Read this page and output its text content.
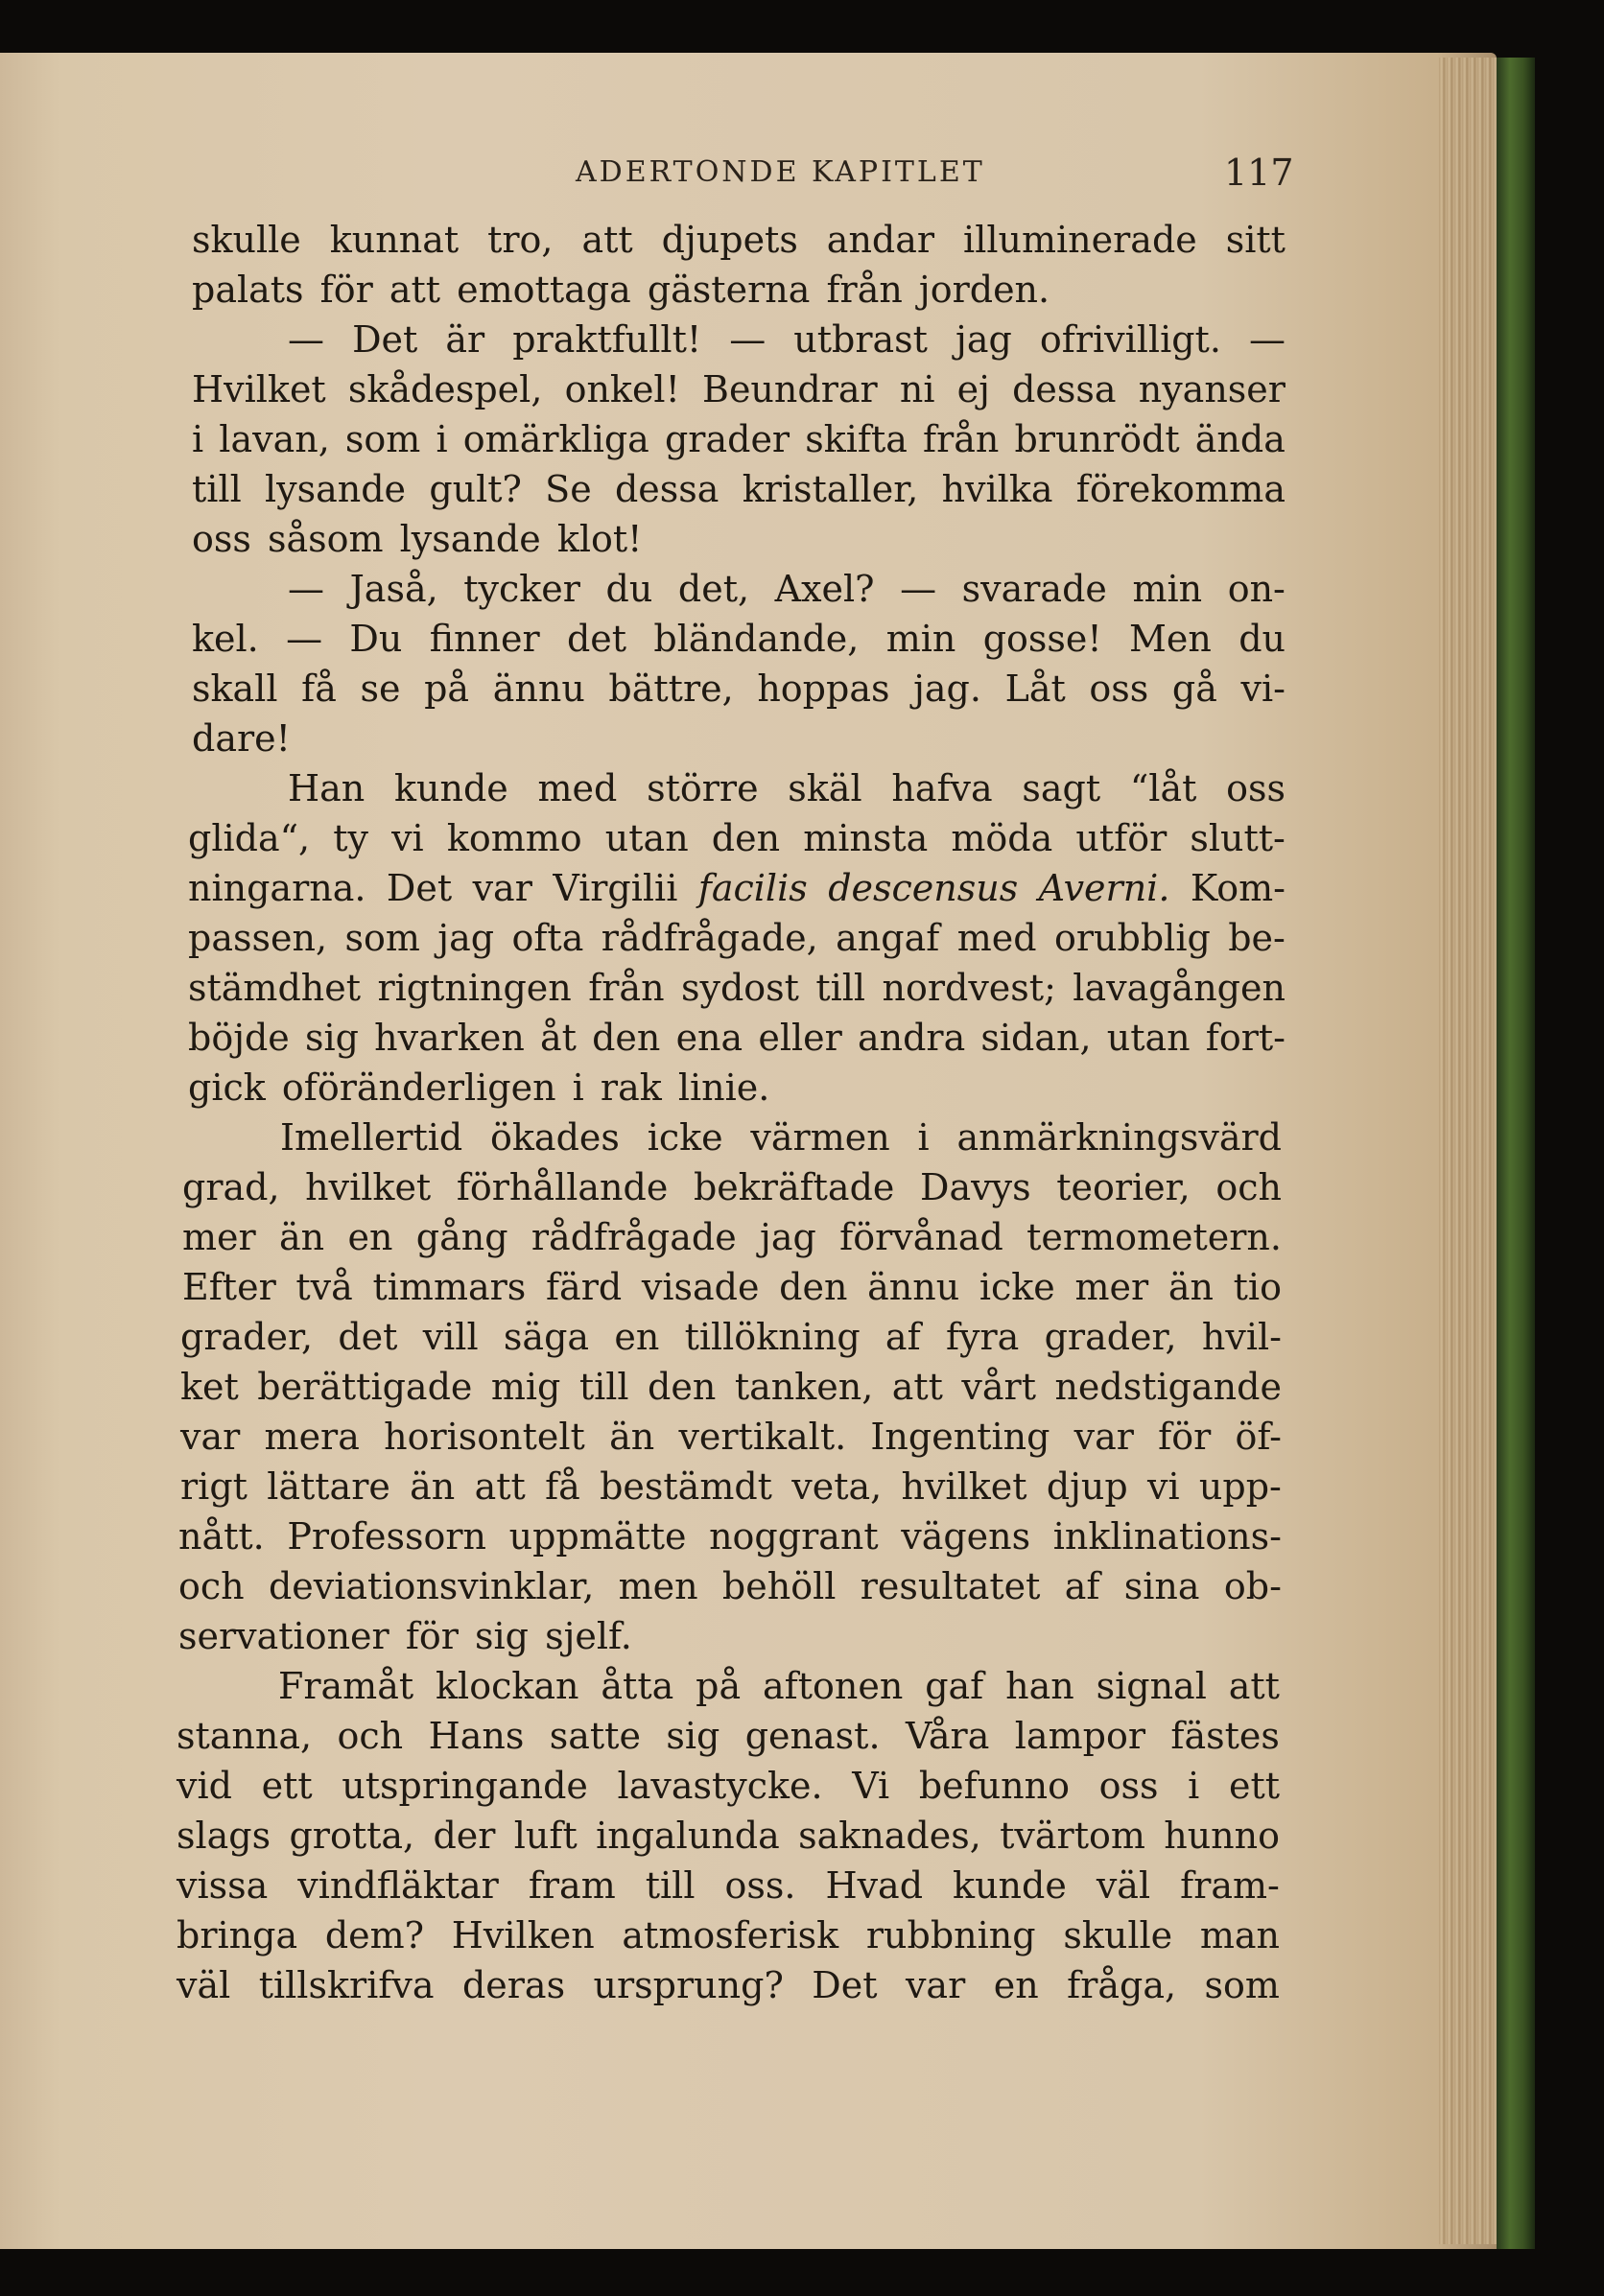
ADERTONDE KAPITLET	117
skulle kunnat tro, att djupets andar illuminerade sitt
palats för att emottaga gästerna från jorden.
— Det är praktfullt! — utbrast jag ofrivilligt. —
Hvilket skådespel, onkel! Beundrar ni ej dessa nyanser
i lavan, som i omärkliga grader skifta från brunrödt ända
till lysande gult? Se dessa kristaller, hvilka förekomma
oss såsom lysande klot!
— Jaså, tycker du det, Axel? — svarade min on-
kel. — Du finner det bländande, min gosse! Men du
skall få se på ännu bättre, hoppas jag. Låt oss gå vi-
dare!
Han kunde med större skäl hafva sagt “låt oss
glida“, ty vi kommo utan den minsta möda utför slutt-
ningarna. Det var Virgilii facilis descensus Averni. Kom-
passen, som jag ofta rådfrågade, angaf med orubblig be-
stämdhet rigtningen från sydost till nordvest; lavagången
böjde sig hvarken åt den ena eller andra sidan, utan fort-
gick oföränderligen i rak linie.
Imellertid ökades icke värmen i anmärkningsvärd
grad, hvilket förhållande bekräftade Davys teorier, och
mer än en gång rådfrågade jag förvånad termometern.
Efter två timmars färd visade den ännu icke mer än tio
grader, det vill säga en tillökning af fyra grader, hvil-
ket berättigade mig till den tanken, att vårt nedstigande
var mera horisontelt än vertikalt. Ingenting var för öf-
rigt lättare än att få bestämdt veta, hvilket djup vi upp-
nått. Professorn uppmätte noggrant vägens inklinations-
och deviationsvinklar, men behöll resultatet af sina ob-
servationer för sig sjelf.
Framåt klockan åtta på aftonen gaf han signal att
stanna, och Hans satte sig genast. Våra lampor fästes
vid ett utspringande lavastycke. Vi befunno oss i ett
slags grotta, der luft ingalunda saknades, tvärtom hunno
vissa vindfläktar fram till oss. Hvad kunde väl fram-
bringa dem? Hvilken atmosferisk rubbning skulle man
väl tillskrifva deras ursprung? Det var en fråga, som
